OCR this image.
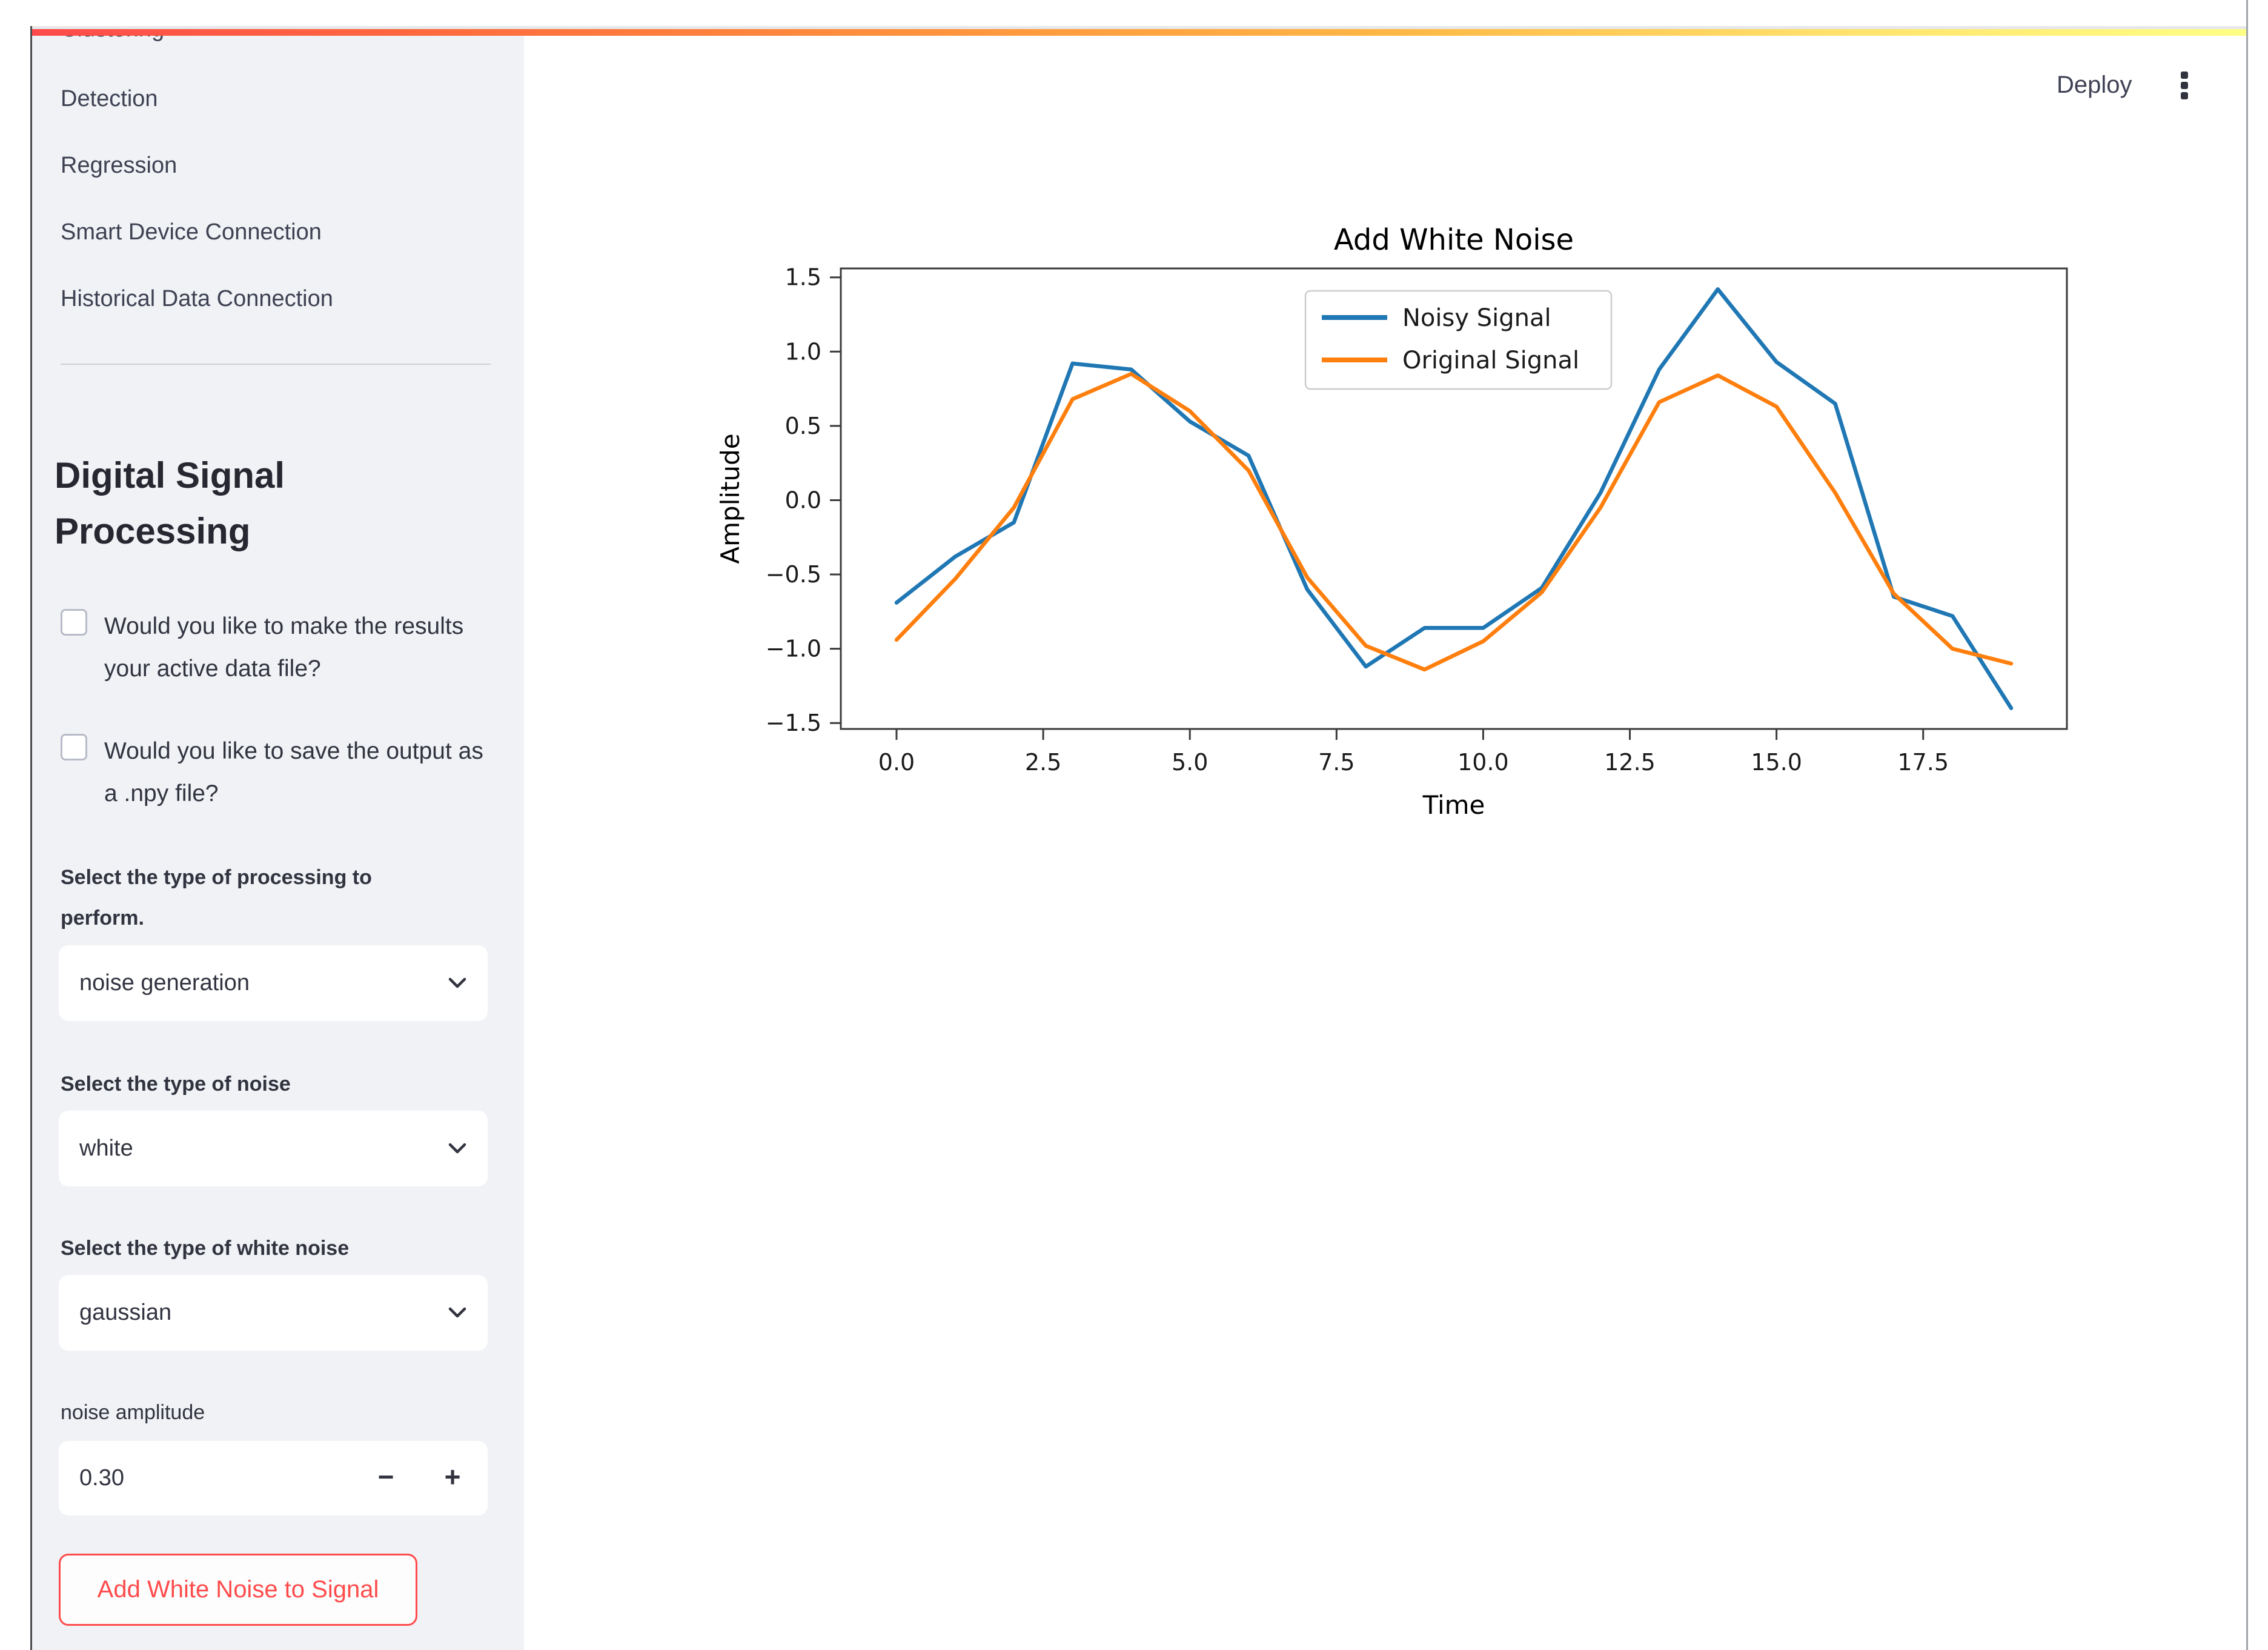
Detection
Regression
Smart Device Connection
Historical Data Connection
Digital Signal Processing
Would you like to make the results your active data file?
Would you like to save the output as a .npy file?
Select the type of processing to perform.
noise generation
Select the type of noise
white
Select the type of white noise
gaussian
noise amplitude
0.30	−	+
Add White Noise to Signal
Deploy
0.0	2.5	5.0	7.5	10.0	12.5	15.0	17.5
−1.5
−1.0
−0.5
0.0
0.5
1.0
1.5
Add White Noise
Time
Amplitude
Noisy Signal
Original Signal
